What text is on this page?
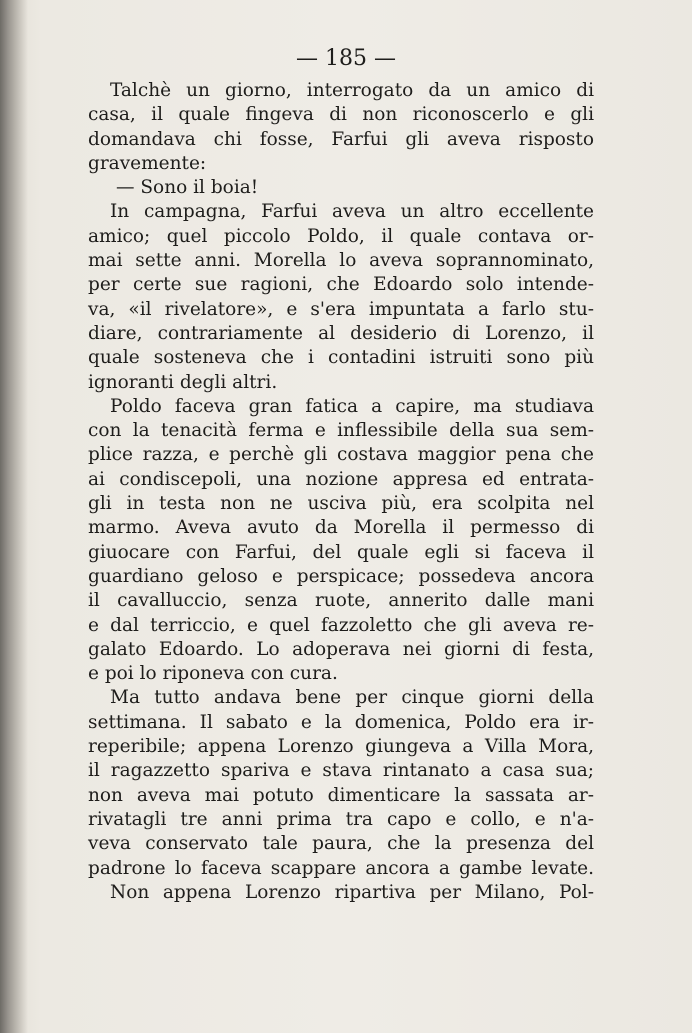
— 185 —

Talchè un giorno, interrogato da un amico di
casa, il quale fingeva di non riconoscerlo e gli
domandava chi fosse, Farfui gli aveva risposto
gravemente:
— Sono il boia!
In campagna, Farfui aveva un altro eccellente
amico; quel piccolo Poldo, il quale contava or-
mai sette anni. Morella lo aveva soprannominato,
per certe sue ragioni, che Edoardo solo intende-
va, «il rivelatore», e s'era impuntata a farlo stu-
diare, contrariamente al desiderio di Lorenzo, il
quale sosteneva che i contadini istruiti sono più
ignoranti degli altri.
Poldo faceva gran fatica a capire, ma studiava
con la tenacità ferma e inflessibile della sua sem-
plice razza, e perchè gli costava maggior pena che
ai condiscepoli, una nozione appresa ed entrata-
gli in testa non ne usciva più, era scolpita nel
marmo. Aveva avuto da Morella il permesso di
giuocare con Farfui, del quale egli si faceva il
guardiano geloso e perspicace; possedeva ancora
il cavalluccio, senza ruote, annerito dalle mani
e dal terriccio, e quel fazzoletto che gli aveva re-
galato Edoardo. Lo adoperava nei giorni di festa,
e poi lo riponeva con cura.
Ma tutto andava bene per cinque giorni della
settimana. Il sabato e la domenica, Poldo era ir-
reperibile; appena Lorenzo giungeva a Villa Mora,
il ragazzetto spariva e stava rintanato a casa sua;
non aveva mai potuto dimenticare la sassata ar-
rivatagli tre anni prima tra capo e collo, e n'a-
veva conservato tale paura, che la presenza del
padrone lo faceva scappare ancora a gambe levate.
Non appena Lorenzo ripartiva per Milano, Pol-
